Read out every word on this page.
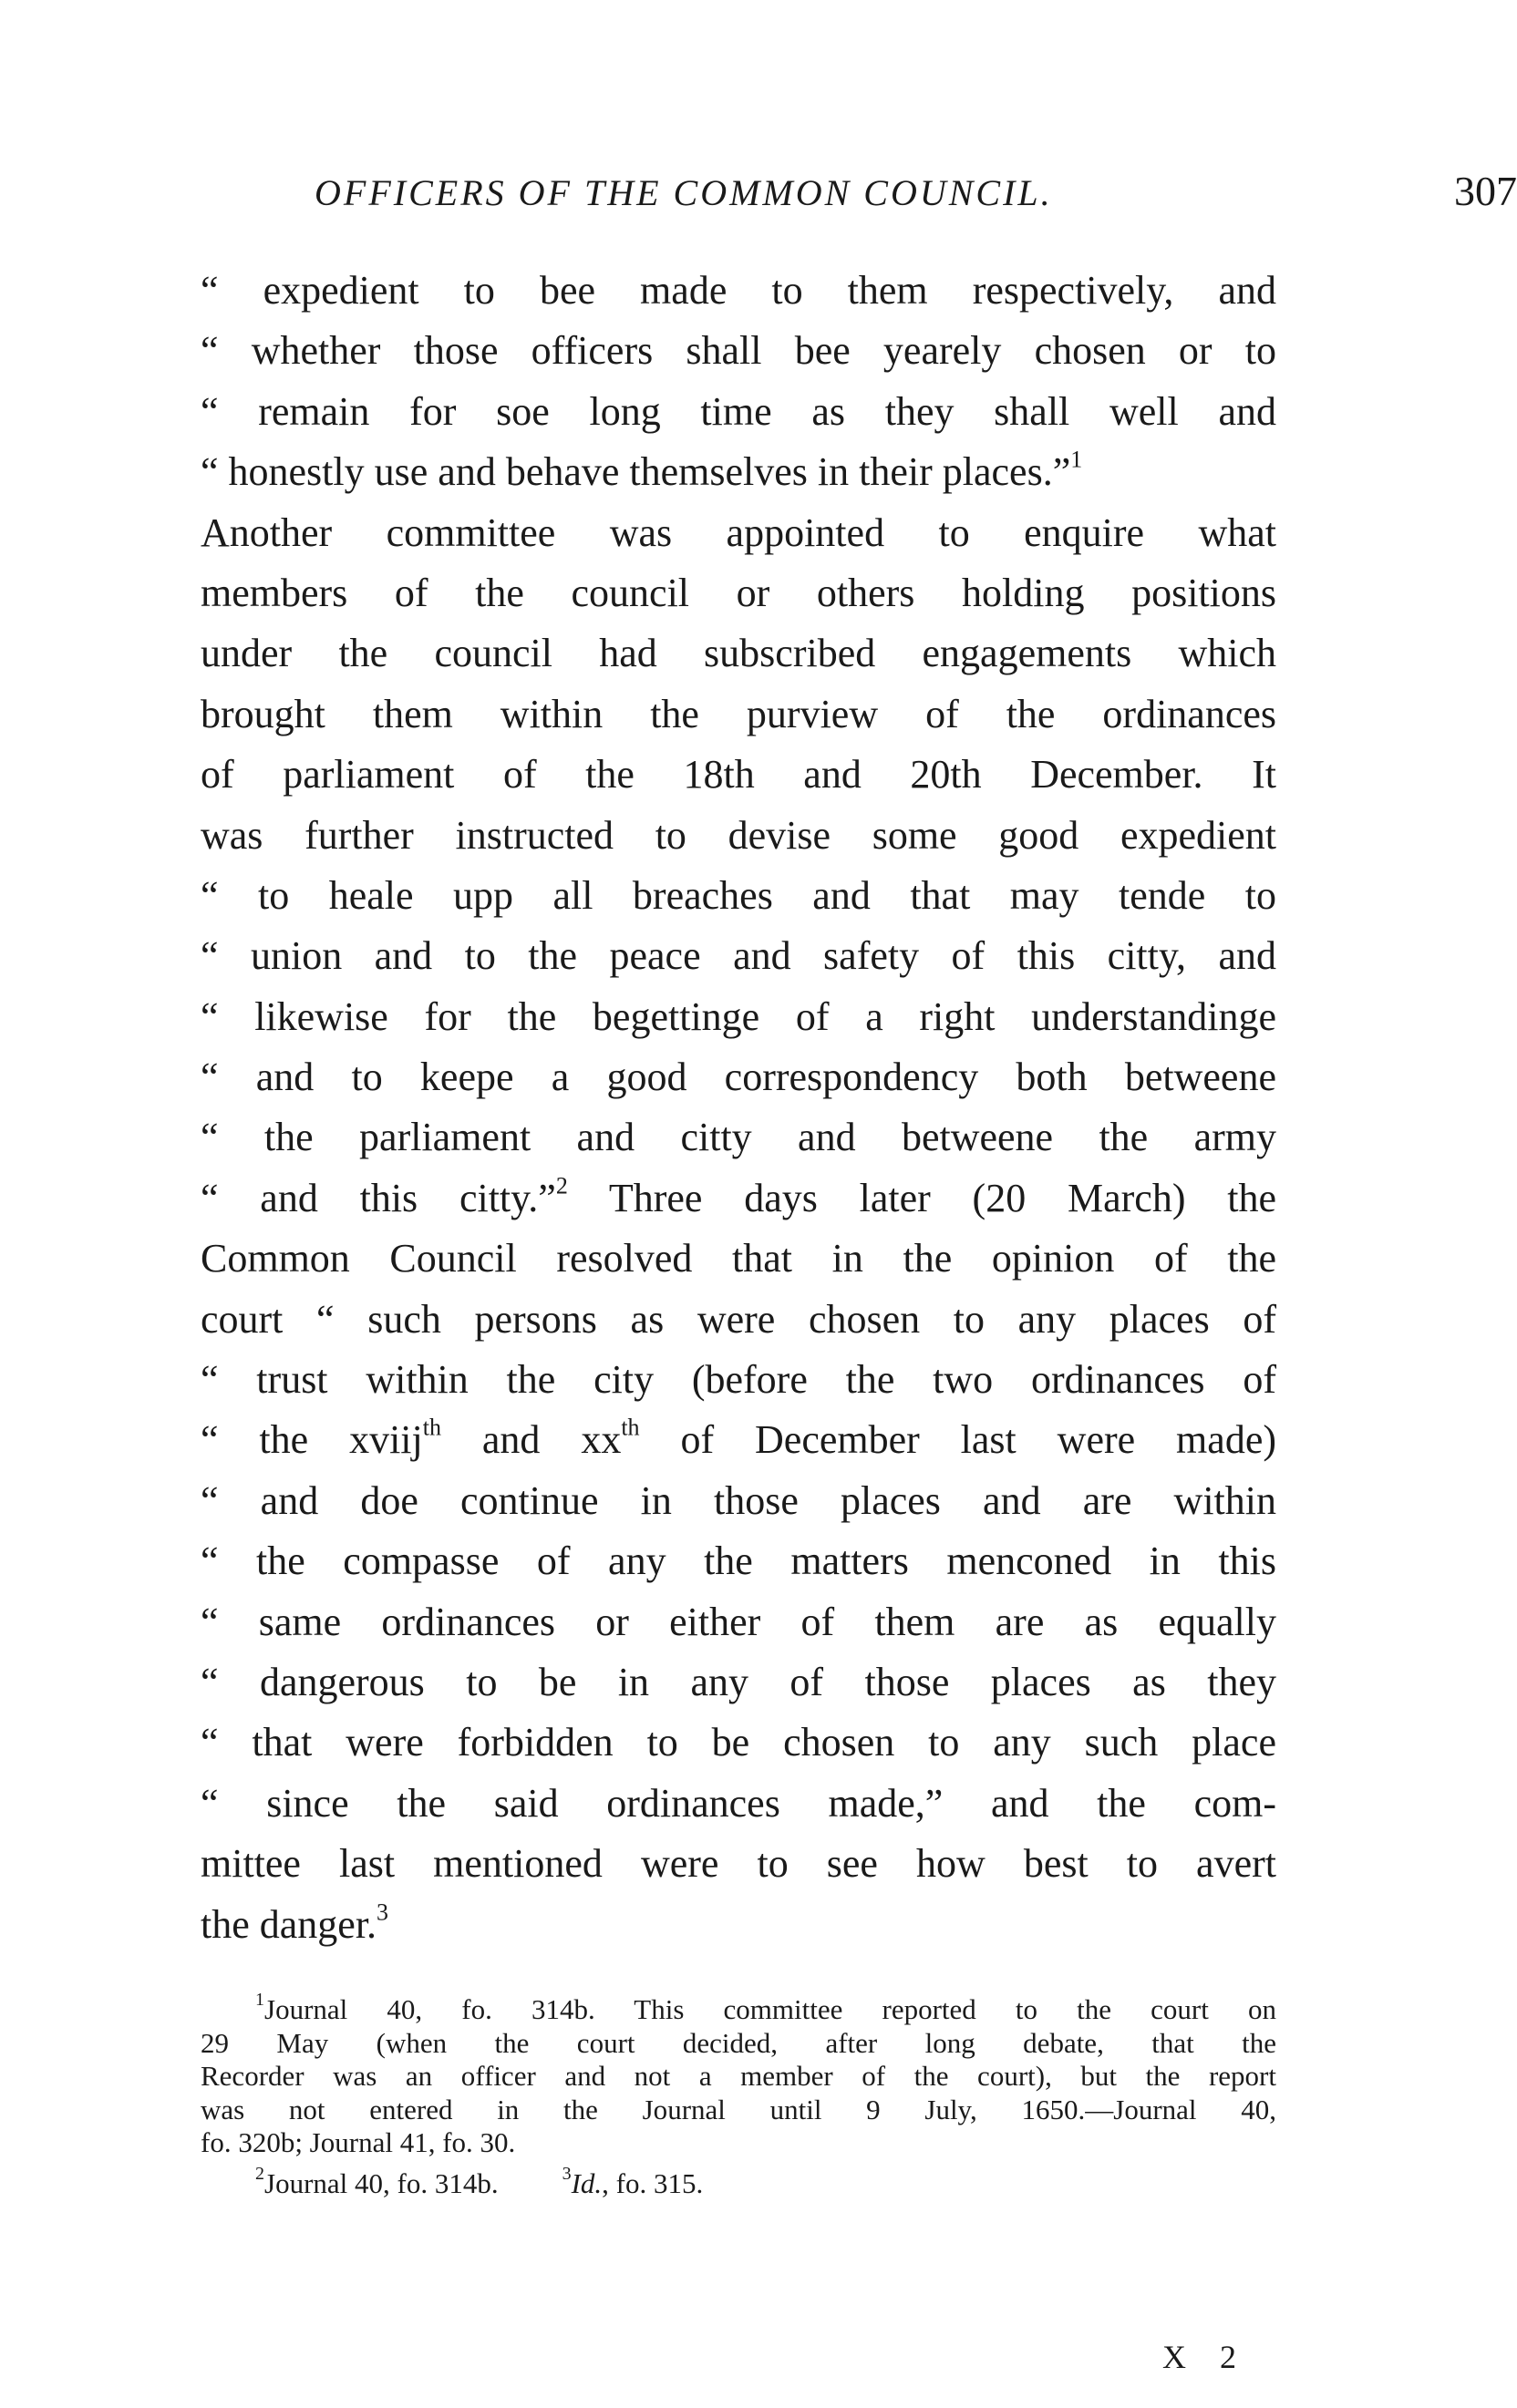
OFFICERS OF THE COMMON COUNCIL.	307
“ expedient to bee made to them respectively, and
“ whether those officers shall bee yearely chosen or to
“ remain for soe long time as they shall well and
“ honestly use and behave themselves in their places.”$^1$
Another committee was appointed to enquire what
members of the council or others holding positions
under the council had subscribed engagements which
brought them within the purview of the ordinances
of parliament of the 18th and 20th December. It
was further instructed to devise some good expedient
“ to heale upp all breaches and that may tende to
“ union and to the peace and safety of this citty, and
“ likewise for the begettinge of a right understandinge
“ and to keepe a good correspondency both betweene
“ the parliament and citty and betweene the army
“ and this citty.”$^2$ Three days later (20 March) the
Common Council resolved that in the opinion of the
court “ such persons as were chosen to any places of
“ trust within the city (before the two ordinances of
“ the xviij$^{th}$ and $xx^{th}$ of December last were made)
“ and doe continue in those places and are within
“ the compasse of any the matters menconed in this
“ same ordinances or either of them are as equally
“ dangerous to be in any of those places as they
“ that were forbidden to be chosen to any such place
“ since the said ordinances made,” and the com-
mittee last mentioned were to see how best to avert
the danger.$^3$
$^1$Journal 40, fo. 314b. This committee reported to the court on
29 May (when the court decided, after long debate, that the
Recorder was an officer and not a member of the court), but the report
was not entered in the Journal until 9 July, 1650.—Journal 40,
fo. 320b; Journal 41, fo. 30.
$^2$Journal 40, fo. 314b.	$^3$Id., fo. 315.
X 2
